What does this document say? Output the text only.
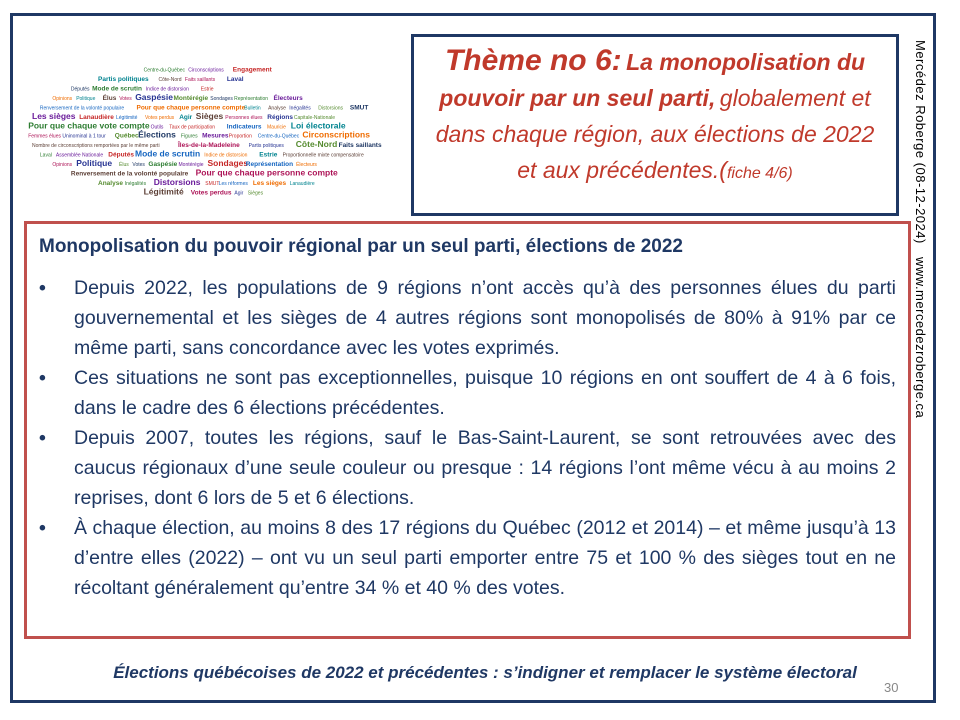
Centre-du-Québec Circonscriptions Engagement
Partis politiques Côte-Nord Faits saillants Laval
Députés Mode de scrutin Indice de distorsion Estrie
Opinions Politique Élus Votes Gaspésie Montérégie Sondages Représentation Électeurs
Renversement de la volonté populaire Pour que chaque personne compte Bulletin Analyse Inégalités Distorsions SMUT
Les sièges Lanaudière Légitimité Votes perdus Agir Sièges Personnes élues Régions Capitale-Nationale
Pour que chaque vote compte Outils Taux de participation Indicateurs Mauricie Loi électorale
Femmes élues Uninominal à 1 tour Québec Élections Figures Mesures Proportion Centre-du-Québec Circonscriptions
Nombre de circonscriptions remportées par le même parti	Îles-de-la-Madeleine Partis politiques Côte-Nord Faits saillants
Laval Assemblée Nationale Députés Mode de scrutin Indice de distorsion Estrie Proportionnelle mixte compensatoire
Opinions Politique Élus Votes Gaspésie Montérégie Sondages
Représentation Électeurs
Renversement de la volonté populaire Pour que chaque personne compte
Analyse Inégalités Distorsions SMUT Les réformes Les sièges Lanaudière
Légitimité Votes perdus Agir Sièges
Thème no 6: La monopolisation du pouvoir par un seul parti, globalement et dans chaque région, aux élections de 2022 et aux précédentes.(fiche 4/6)	Mercédez Roberge (08-12-2024)
www.mercedezroberge.ca
Monopolisation du pouvoir régional par un seul parti, élections de 2022
• Depuis 2022, les populations de 9 régions n’ont accès qu’à des personnes élues du parti gouvernemental et les sièges de 4 autres régions sont monopolisés de 80% à 91% par ce même parti, sans concordance avec les votes exprimés.
• Ces situations ne sont pas exceptionnelles, puisque 10 régions en ont souffert de 4 à 6 fois, dans le cadre des 6 élections précédentes.
• Depuis 2007, toutes les régions, sauf le Bas-Saint-Laurent, se sont retrouvées avec des caucus régionaux d’une seule couleur ou presque : 14 régions l’ont même vécu à au moins 2 reprises, dont 6 lors de 5 et 6 élections.
• À chaque élection, au moins 8 des 17 régions du Québec (2012 et 2014) – et même jusqu’à 13 d’entre elles (2022) – ont vu un seul parti emporter entre 75 et 100 % des sièges tout en ne récoltant généralement qu’entre 34 % et 40 % des votes.
Élections québécoises de 2022 et précédentes : s’indigner et remplacer le système électoral
30
